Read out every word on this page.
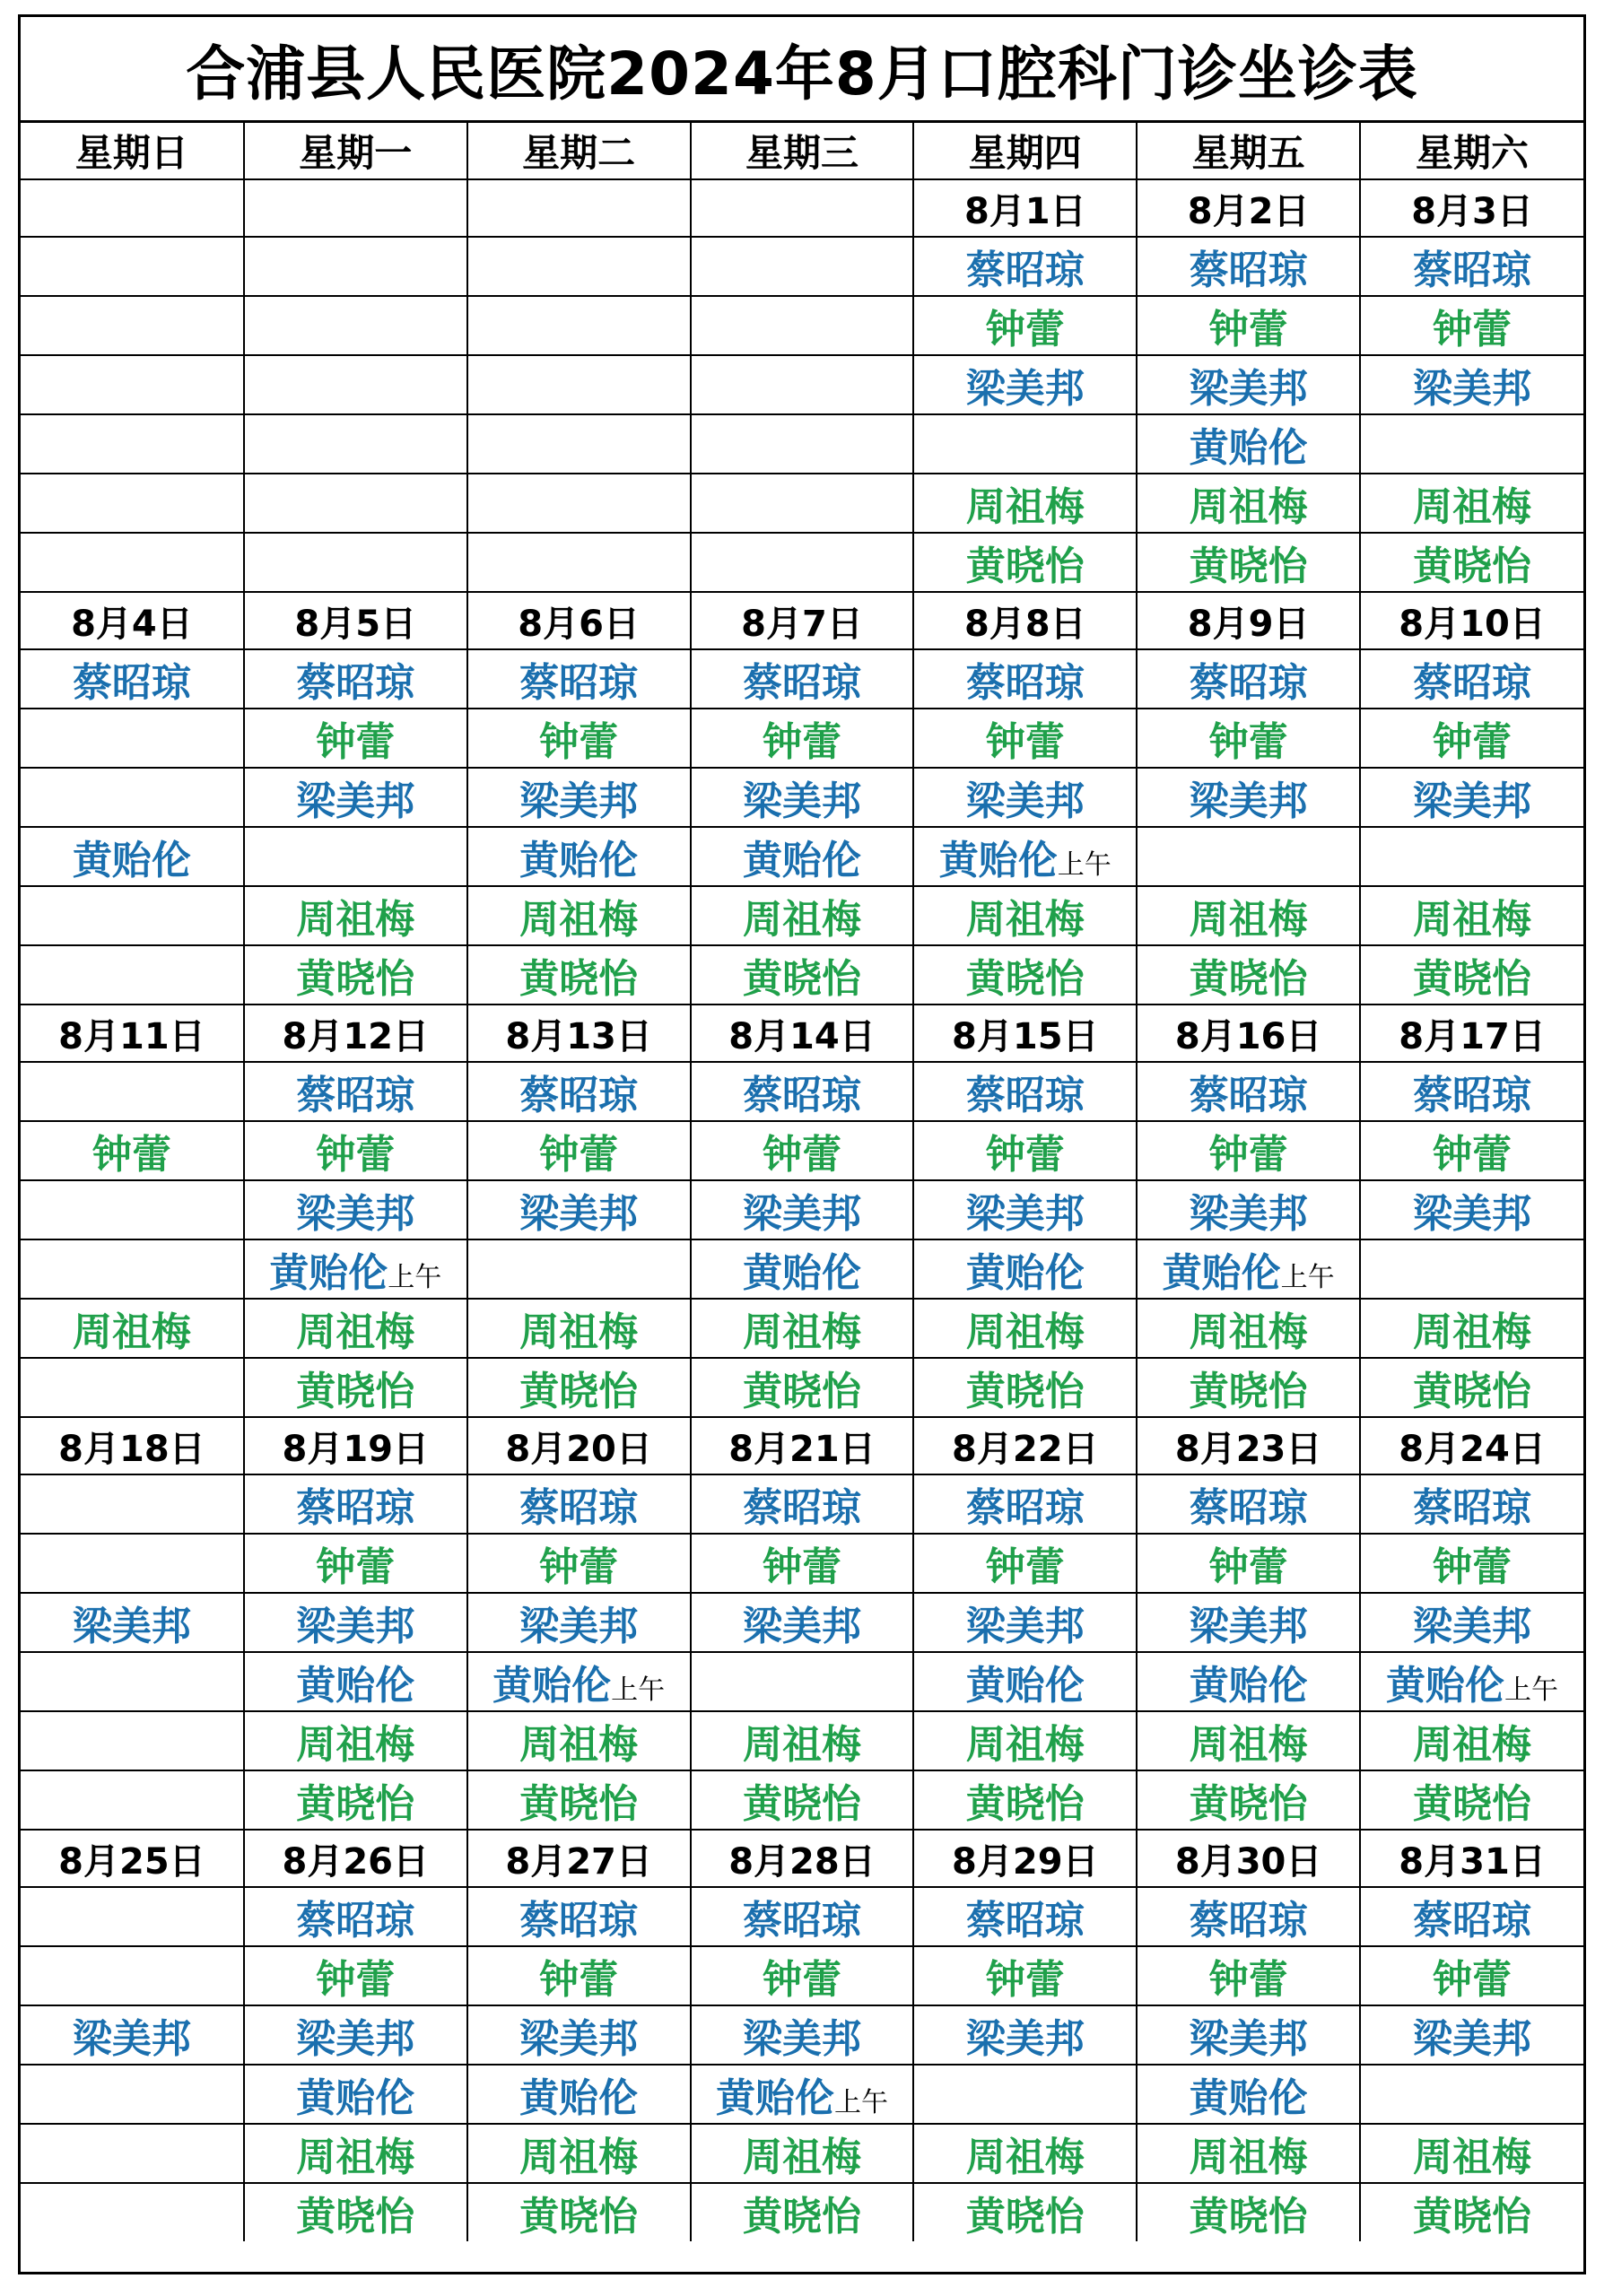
合浦县人民医院2024年8月口腔科门诊坐诊表
星期日	星期一	星期二	星期三	星期四	星期五	星期六
				8月1日	8月2日	8月3日
				蔡昭琼	蔡昭琼	蔡昭琼
				钟蕾	钟蕾	钟蕾
				梁美邦	梁美邦	梁美邦
					黄贻伦	
				周祖梅	周祖梅	周祖梅
				黄晓怡	黄晓怡	黄晓怡
8月4日	8月5日	8月6日	8月7日	8月8日	8月9日	8月10日
蔡昭琼	蔡昭琼	蔡昭琼	蔡昭琼	蔡昭琼	蔡昭琼	蔡昭琼
	钟蕾	钟蕾	钟蕾	钟蕾	钟蕾	钟蕾
	梁美邦	梁美邦	梁美邦	梁美邦	梁美邦	梁美邦
黄贻伦		黄贻伦	黄贻伦	黄贻伦上午		
	周祖梅	周祖梅	周祖梅	周祖梅	周祖梅	周祖梅
	黄晓怡	黄晓怡	黄晓怡	黄晓怡	黄晓怡	黄晓怡
8月11日	8月12日	8月13日	8月14日	8月15日	8月16日	8月17日
	蔡昭琼	蔡昭琼	蔡昭琼	蔡昭琼	蔡昭琼	蔡昭琼
钟蕾	钟蕾	钟蕾	钟蕾	钟蕾	钟蕾	钟蕾
	梁美邦	梁美邦	梁美邦	梁美邦	梁美邦	梁美邦
	黄贻伦上午		黄贻伦	黄贻伦	黄贻伦上午	
周祖梅	周祖梅	周祖梅	周祖梅	周祖梅	周祖梅	周祖梅
	黄晓怡	黄晓怡	黄晓怡	黄晓怡	黄晓怡	黄晓怡
8月18日	8月19日	8月20日	8月21日	8月22日	8月23日	8月24日
	蔡昭琼	蔡昭琼	蔡昭琼	蔡昭琼	蔡昭琼	蔡昭琼
	钟蕾	钟蕾	钟蕾	钟蕾	钟蕾	钟蕾
梁美邦	梁美邦	梁美邦	梁美邦	梁美邦	梁美邦	梁美邦
	黄贻伦	黄贻伦上午		黄贻伦	黄贻伦	黄贻伦上午
	周祖梅	周祖梅	周祖梅	周祖梅	周祖梅	周祖梅
	黄晓怡	黄晓怡	黄晓怡	黄晓怡	黄晓怡	黄晓怡
8月25日	8月26日	8月27日	8月28日	8月29日	8月30日	8月31日
	蔡昭琼	蔡昭琼	蔡昭琼	蔡昭琼	蔡昭琼	蔡昭琼
	钟蕾	钟蕾	钟蕾	钟蕾	钟蕾	钟蕾
梁美邦	梁美邦	梁美邦	梁美邦	梁美邦	梁美邦	梁美邦
	黄贻伦	黄贻伦	黄贻伦上午		黄贻伦	
	周祖梅	周祖梅	周祖梅	周祖梅	周祖梅	周祖梅
	黄晓怡	黄晓怡	黄晓怡	黄晓怡	黄晓怡	黄晓怡
